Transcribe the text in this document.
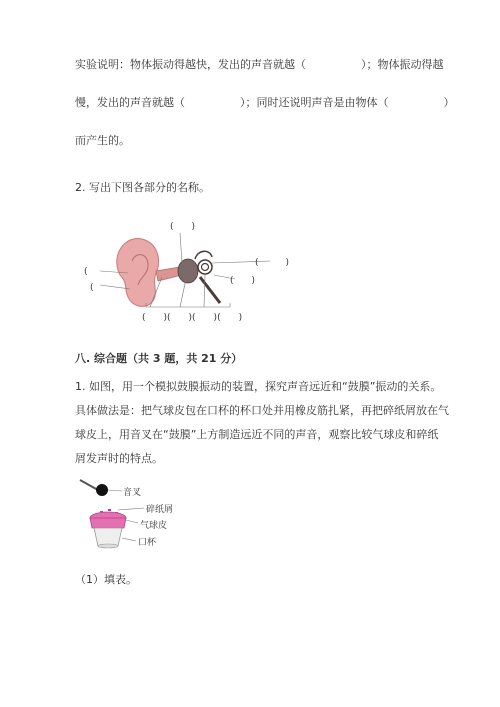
实验说明：物体振动得越快，发出的声音就越（　　　　　）；物体振动得越
慢，发出的声音就越（　　　　　）；同时还说明声音是由物体（　　　　　）
而产生的。
2. 写出下图各部分的名称。
(　　)
(　　　)
(　　)
(　　
(　　
(　　)(　　)(　　)(　　)
八. 综合题（共 3 题，共 21 分）
1. 如图，用一个模拟鼓膜振动的装置，探究声音远近和“鼓膜”振动的关系。
具体做法是：把气球皮包在口杯的杯口处并用橡皮筋扎紧，再把碎纸屑放在气
球皮上，用音叉在“鼓膜”上方制造远近不同的声音，观察比较气球皮和碎纸
屑发声时的特点。
音叉
碎纸屑
气球皮
口杯
（1）填表。
